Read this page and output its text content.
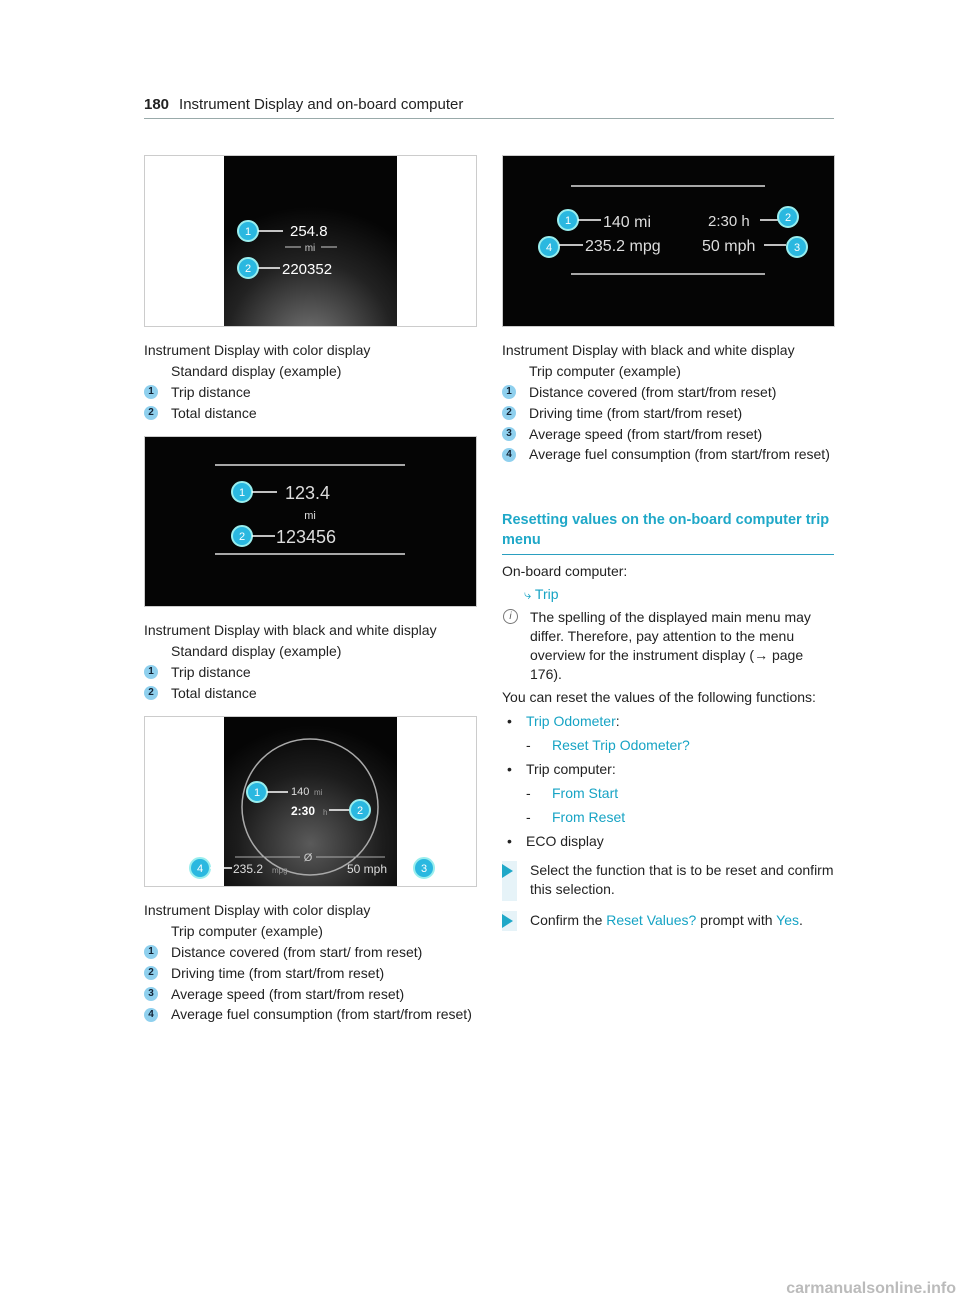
180 Instrument Display and on-board computer
1	254.8
mi
2 220352
Instrument Display with color display
Standard display (example)
1	Trip distance
2	Total distance
1 123.4
mi
2 123456
Instrument Display with black and white display
Standard display (example)
1	Trip distance
2	Total distance
1	140 mi
2:30 h	2
Ø
4 235.2 mpg	50 mph	3
Instrument Display with color display
Trip computer (example)
1	Distance covered (from start/ from reset)
2	Driving time (from start/from reset)
3	Average speed (from start/from reset)
4	Average fuel consumption (from start/from reset)
1 140 mi	2:30 h	2
4 235.2 mpg	50 mph	3
Instrument Display with black and white display
Trip computer (example)
1	Distance covered (from start/from reset)
2	Driving time (from start/from reset)
3	Average speed (from start/from reset)
4	Average fuel consumption (from start/from reset)
Resetting values on the on-board computer trip menu
On-board computer:
⤷ Trip
i	The spelling of the displayed main menu may differ. Therefore, pay attention to the menu overview for the instrument display (→ page 176).
You can reset the values of the following functions:
• Trip Odometer:
- Reset Trip Odometer?
• Trip computer:
- From Start
- From Reset
• ECO display
Select the function that is to be reset and confirm this selection.
Confirm the Reset Values? prompt with Yes.
carmanualsonline.info
